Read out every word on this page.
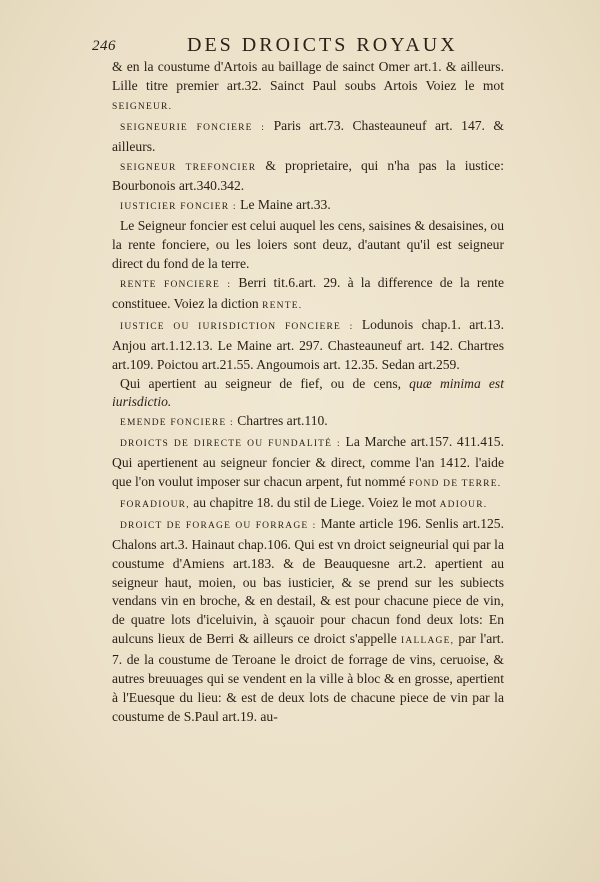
246	DES DROICTS ROYAUX

& en la coustume d'Artois au baillage de sainct Omer art.1. & ailleurs. Lille titre premier art.32. Sainct Paul soubs Artois Voiez le mot SEIGNEUR.

SEIGNEURIE FONCIERE : Paris art.73. Chasteauneuf art. 147. & ailleurs.

SEIGNEUR TREFONCIER & proprietaire, qui n'ha pas la iustice: Bourbonois art.340.342.

IUSTICIER FONCIER : Le Maine art.33.

Le Seigneur foncier est celui auquel les cens, saisines & desaisines, ou la rente fonciere, ou les loiers sont deuz, d'autant qu'il est seigneur direct du fond de la terre.

RENTE FONCIERE : Berri tit.6.art. 29. à la difference de la rente constituee. Voiez la diction RENTE.

IUSTICE OU IURISDICTION FONCIERE : Lodunois chap.1. art.13. Anjou art.1.12.13. Le Maine art. 297. Chasteauneuf art. 142. Chartres art.109. Poictou art.21.55. Angoumois art. 12.35. Sedan art.259.

Qui apertient au seigneur de fief, ou de cens, quæ minima est iurisdictio.

EMENDE FONCIERE : Chartres art.110.

DROICTS DE DIRECTE OU FUNDALITÉ : La Marche art.157. 411.415. Qui apertienent au seigneur foncier & direct, comme l'an 1412. l'aide que l'on voulut imposer sur chacun arpent, fut nommé FOND DE TERRE.

FORADIOUR, au chapitre 18. du stil de Liege. Voiez le mot ADIOUR.

DROICT DE FORAGE OU FORRAGE : Mante article 196. Senlis art.125. Chalons art.3. Hainaut chap.106. Qui est vn droict seigneurial qui par la coustume d'Amiens art.183. & de Beauquesne art.2. apertient au seigneur haut, moien, ou bas iusticier, & se prend sur les subiects vendans vin en broche, & en destail, & est pour chacune piece de vin, de quatre lots d'iceluivin, à sçauoir pour chacun fond deux lots: En aulcuns lieux de Berri & ailleurs ce droict s'appelle IALLAGE, par l'art. 7. de la coustume de Teroane le droict de forrage de vins, ceruoise, & autres breuuages qui se vendent en la ville à bloc & en grosse, apertient à l'Euesque du lieu: & est de deux lots de chacune piece de vin par la coustume de S.Paul art.19. au-
